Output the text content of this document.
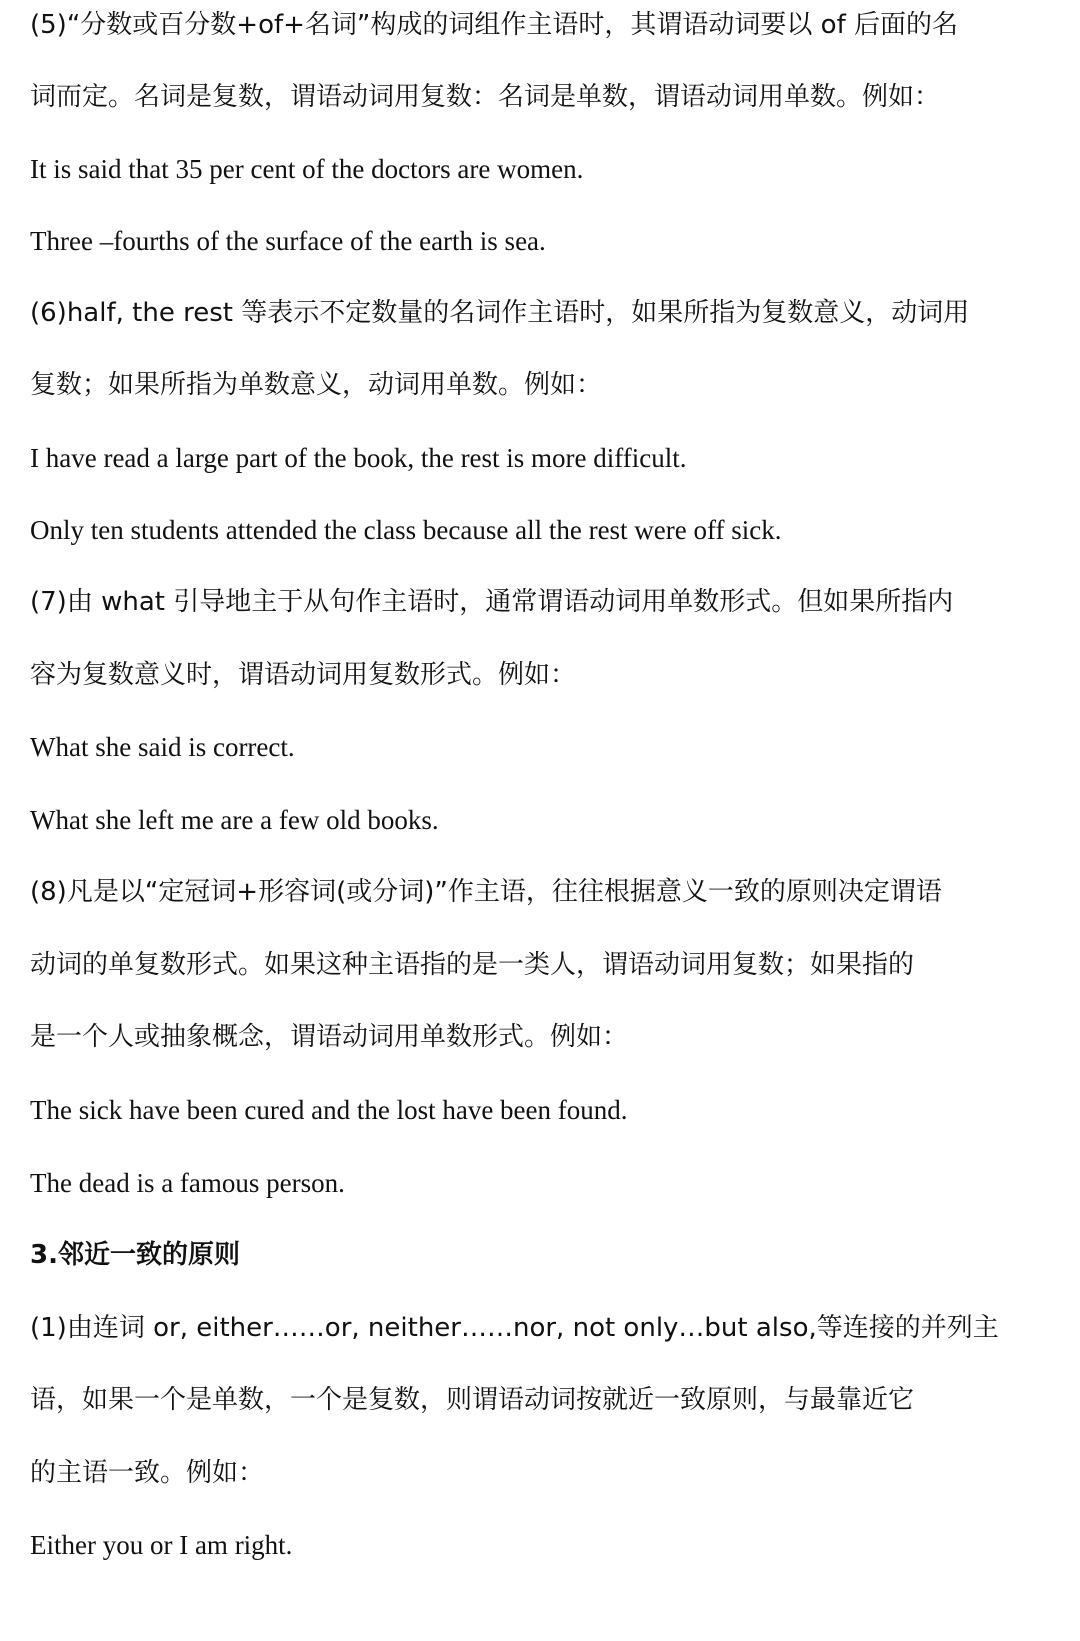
(5)“分数或百分数+of+名词”构成的词组作主语时，其谓语动词要以 of 后面的名
词而定。名词是复数，谓语动词用复数：名词是单数，谓语动词用单数。例如：
It is said that 35 per cent of the doctors are women.
Three –fourths of the surface of the earth is sea.
(6)half, the rest 等表示不定数量的名词作主语时，如果所指为复数意义，动词用
复数；如果所指为单数意义，动词用单数。例如：
I have read a large part of the book, the rest is more difficult.
Only ten students attended the class because all the rest were off sick.
(7)由 what 引导地主于从句作主语时，通常谓语动词用单数形式。但如果所指内
容为复数意义时，谓语动词用复数形式。例如：
What she said is correct.
What she left me are a few old books.
(8)凡是以“定冠词+形容词(或分词)”作主语，往往根据意义一致的原则决定谓语
动词的单复数形式。如果这种主语指的是一类人，谓语动词用复数；如果指的
是一个人或抽象概念，谓语动词用单数形式。例如：
The sick have been cured and the lost have been found.
The dead is a famous person.
3.邻近一致的原则
(1)由连词 or, either……or, neither……nor, not only…but also,等连接的并列主
语，如果一个是单数，一个是复数，则谓语动词按就近一致原则，与最靠近它
的主语一致。例如：
Either you or I am right.
